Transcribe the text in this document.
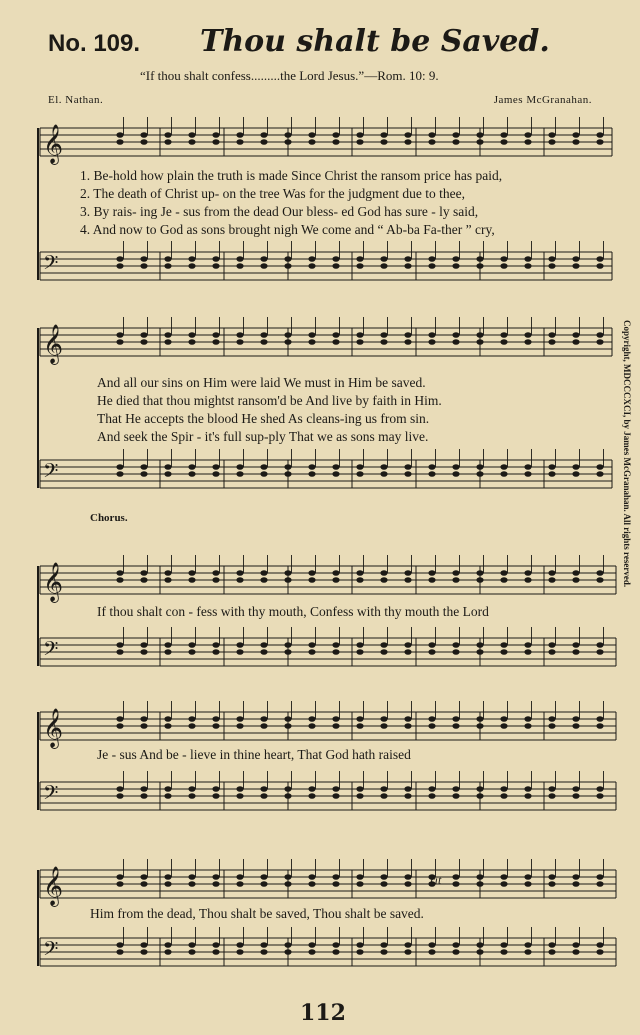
No. 109. Thou shalt be Saved.
“If thou shalt confess.........the Lord Jesus.”—Rom. 10: 9.
El. Nathan.	James McGranahan.
𝄞
𝄢
𝄞
𝄢
𝄞
𝄢
𝄞
𝄢
𝄞
𝄢
1. Be-hold how plain the truth is made Since Christ the ransom price has paid,
2. The death of Christ up- on the tree Was for the judgment due to thee,
3. By rais- ing Je - sus from the dead Our bless- ed God has sure - ly said,
4. And now to God as sons brought nigh We come and “ Ab-ba Fa-ther ” cry,
And all our sins on Him were laid We must in Him be saved.
He died that thou mightst ransom'd be And live by faith in Him.
That He accepts the blood He shed As cleans-ing us from sin.
And seek the Spir - it's full sup-ply That we as sons may live.
Chorus.
If thou shalt con - fess with thy mouth, Confess with thy mouth the Lord
Je - sus And be - lieve in thine heart, That God hath raised
rit
Him from the dead, Thou shalt be saved, Thou shalt be saved.
Copyright, MDCCCXCI, by James McGranahan. All rights reserved.
112
